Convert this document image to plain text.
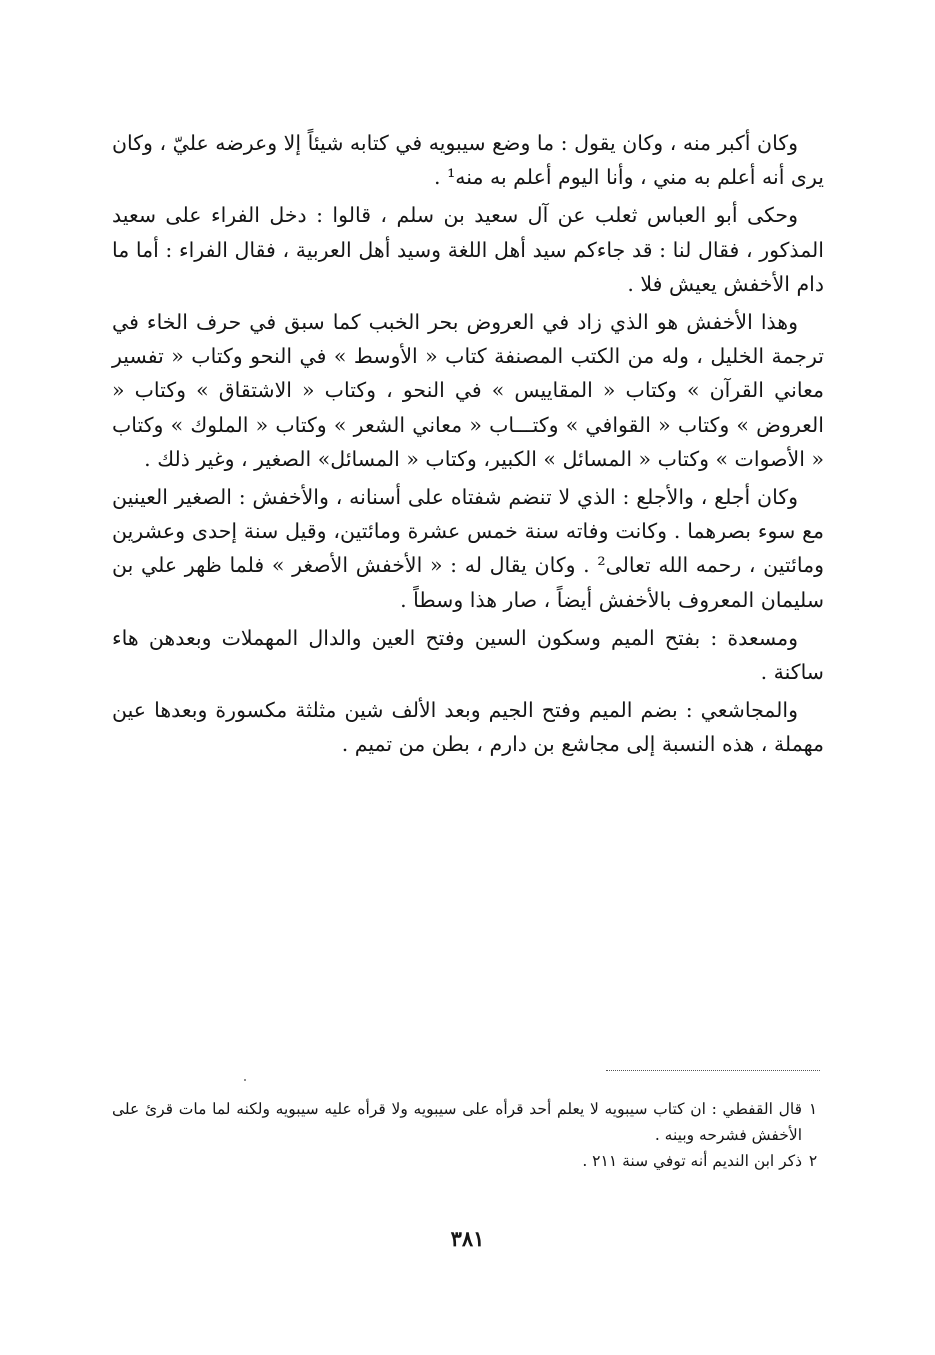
وكان أكبر منه ، وكان يقول : ما وضع سيبويه في كتابه شيئاً إلا وعرضه عليّ ، وكان يرى أنه أعلم به مني ، وأنا اليوم أعلم به منه¹ .

وحكى أبو العباس ثعلب عن آل سعيد بن سلم ، قالوا : دخل الفراء على سعيد المذكور ، فقال لنا : قد جاءكم سيد أهل اللغة وسيد أهل العربية ، فقال الفراء : أما ما دام الأخفش يعيش فلا .

وهذا الأخفش هو الذي زاد في العروض بحر الخبب كما سبق في حرف الخاء في ترجمة الخليل ، وله من الكتب المصنفة كتاب « الأوسط » في النحو وكتاب « تفسير معاني القرآن » وكتاب « المقاييس » في النحو ، وكتاب « الاشتقاق » وكتاب « العروض » وكتاب « القوافي » وكتـــاب « معاني الشعر » وكتاب « الملوك » وكتاب « الأصوات » وكتاب « المسائل » الكبير، وكتاب « المسائل» الصغير ، وغير ذلك .

وكان أجلع ، والأجلع : الذي لا تنضم شفتاه على أسنانه ، والأخفش : الصغير العينين مع سوء بصرهما . وكانت وفاته سنة خمس عشرة ومائتين، وقيل سنة إحدى وعشرين ومائتين ، رحمه الله تعالى² . وكان يقال له : « الأخفش الأصغر » فلما ظهر علي بن سليمان المعروف بالأخفش أيضاً ، صار هذا وسطاً .

ومسعدة : بفتح الميم وسكون السين وفتح العين والدال المهملات وبعدهن هاء ساكنة .

والمجاشعي : بضم الميم وفتح الجيم وبعد الألف شين مثلثة مكسورة وبعدها عين مهملة ، هذه النسبة إلى مجاشع بن دارم ، بطن من تميم .

١
قال القفطي : ان كتاب سيبويه لا يعلم أحد قرأه على سيبويه ولا قرأه عليه سيبويه ولكنه لما مات قرئ على الأخفش فشرحه وبينه .
٢
ذكر ابن النديم أنه توفي سنة ٢١١ .
٣٨١
